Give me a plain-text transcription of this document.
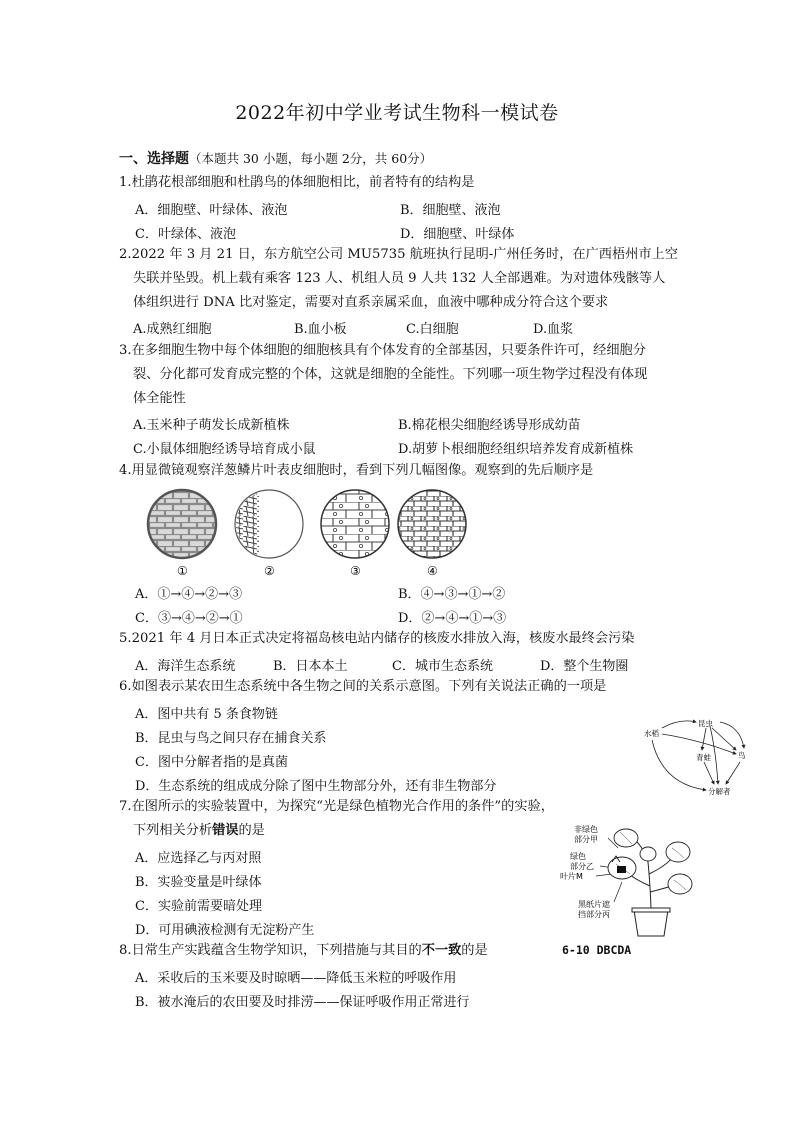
2022年初中学业考试生物科一模试卷
一、选择题（本题共 30 小题，每小题 2分，共 60分）
1.杜鹃花根部细胞和杜鹃鸟的体细胞相比，前者特有的结构是
A．细胞壁、叶绿体、液泡	B．细胞壁、液泡
C．叶绿体、液泡	D．细胞壁、叶绿体
2.2022 年 3 月 21 日，东方航空公司 MU5735 航班执行昆明-广州任务时，在广西梧州市上空
失联并坠毁。机上载有乘客 123 人、机组人员 9 人共 132 人全部遇难。为对遗体残骸等人
体组织进行 DNA 比对鉴定，需要对直系亲属采血，血液中哪种成分符合这个要求
A.成熟红细胞	B.血小板	C.白细胞	D.血浆
3.在多细胞生物中每个体细胞的细胞核具有个体发育的全部基因，只要条件许可，经细胞分
裂、分化都可发育成完整的个体，这就是细胞的全能性。下列哪一项生物学过程没有体现
体全能性
A.玉米种子萌发长成新植株	B.棉花根尖细胞经诱导形成幼苗
C.小鼠体细胞经诱导培育成小鼠	D.胡萝卜根细胞经组织培养发育成新植株
4.用显微镜观察洋葱鳞片叶表皮细胞时，看到下列几幅图像。观察到的先后顺序是
①	②	③	④
A．①→④→②→③	B．④→③→①→②
C．③→④→②→①	D．②→④→①→③
5.2021 年 4 月日本正式决定将福岛核电站内储存的核废水排放入海，核废水最终会污染
A．海洋生态系统	B．日本本土	C．城市生态系统	D．整个生物圈
6.如图表示某农田生态系统中各生物之间的关系示意图。下列有关说法正确的一项是
A．图中共有 5 条食物链
B．昆虫与鸟之间只存在捕食关系
C．图中分解者指的是真菌
D．生态系统的组成成分除了图中生物部分外，还有非生物部分
水稻
昆虫
青蛙	鸟
分解者
7.在图所示的实验装置中，为探究“光是绿色植物光合作用的条件”的实验，
下列相关分析错误的是
A．应选择乙与丙对照
B．实验变量是叶绿体
C．实验前需要暗处理
D．可用碘液检测有无淀粉产生
非绿色
部分甲
绿色
部分乙
叶片M
黑纸片遮
挡部分丙
8.日常生产实践蕴含生物学知识，下列措施与其目的不一致的是	6-10 DBCDA
A．采收后的玉米要及时晾晒——降低玉米粒的呼吸作用
B．被水淹后的农田要及时排涝——保证呼吸作用正常进行
